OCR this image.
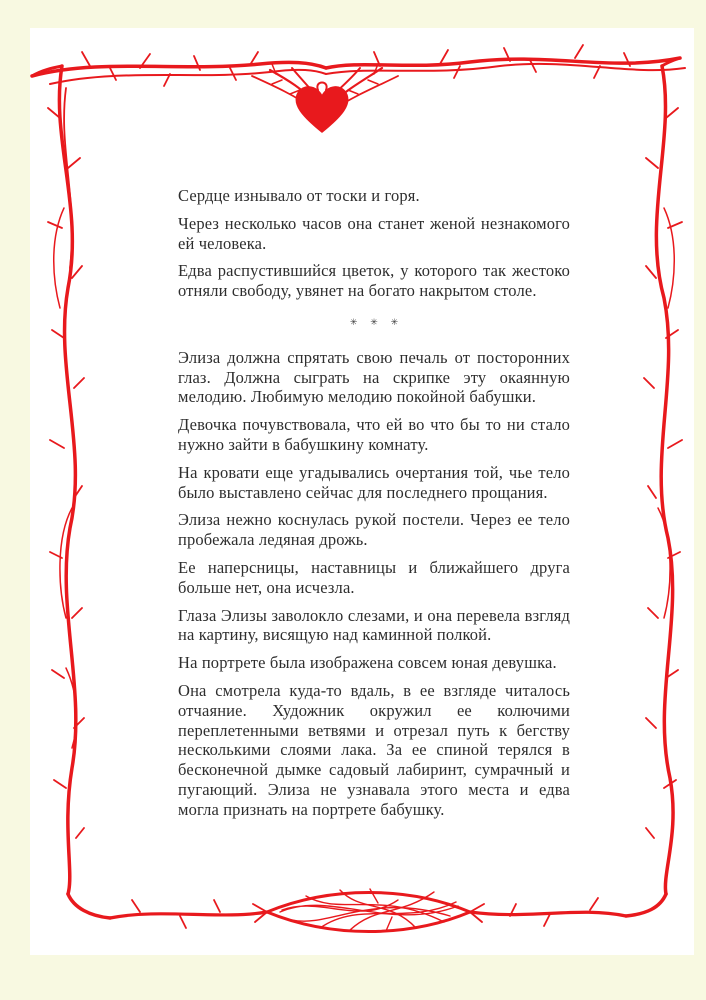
Сердце изнывало от тоски и горя.

Через несколько часов она станет женой незнакомого ей человека.

Едва распустившийся цветок, у которого так жестоко отняли свободу, увянет на богато накрытом столе.

✳ ✳ ✳

Элиза должна спрятать свою печаль от посторонних глаз. Должна сыграть на скрипке эту окаянную мелодию. Любимую мелодию покойной бабушки.

Девочка почувствовала, что ей во что бы то ни стало нужно зайти в бабушкину комнату.

На кровати еще угадывались очертания той, чье тело было выставлено сейчас для последнего прощания.

Элиза нежно коснулась рукой постели. Через ее тело пробежала ледяная дрожь.

Ее наперсницы, наставницы и ближайшего друга больше нет, она исчезла.

Глаза Элизы заволокло слезами, и она перевела взгляд на картину, висящую над каминной полкой.

На портрете была изображена совсем юная девушка.

Она смотрела куда-то вдаль, в ее взгляде читалось отчаяние. Художник окружил ее колючими переплетенными ветвями и отрезал путь к бегству несколькими слоями лака. За ее спиной терялся в бесконечной дымке садовый лабиринт, сумрачный и пугающий. Элиза не узнавала этого места и едва могла признать на портрете бабушку.
